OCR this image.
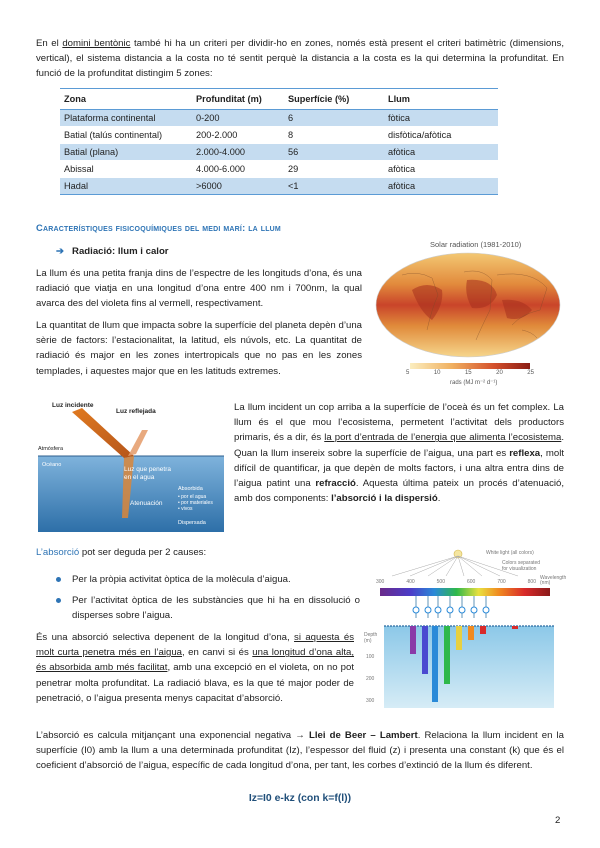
En el domini bentònic també hi ha un criteri per dividir-ho en zones, només està present el criteri batimètric (dimensions, vertical), el sistema distancia a la costa no té sentit perquè la distancia a la costa es la qui determina la profunditat. En funció de la profunditat distingim 5 zones:

Zona	Profunditat (m)	Superfície (%)	Llum
Plataforma continental	0-200	6	fòtica
Batial (talús continental)	200-2.000	8	disfòtica/afòtica
Batial (plana)	2.000-4.000	56	afòtica
Abissal	4.000-6.000	29	afòtica
Hadal	>6000	<1	afòtica
Característiques fisicoquímiques del medi marí: la llum
➔ Radiació: llum i calor

La llum és una petita franja dins de l’espectre de les longituds d’ona, és una radiació que viatja en una longitud d’ona entre 400 nm i 700nm, la qual avarca des del violeta fins al vermell, respectivament.

La quantitat de llum que impacta sobre la superfície del planeta depèn d’una sèrie de factors: l’estacionalitat, la latitud, els núvols, etc. La quantitat de radiació és major en les zones intertropicals que no pas en les zones templades, i aquestes major que en les latituds extremes.

Solar radiation (1981-2010)
5	10	15	20	25
rads (MJ m⁻² d⁻¹)
Luz incidente
Luz reflejada
Atmósfera
Océano
Luz que penetra
en el agua
Atenuación
Absorbida
• por el agua
• por materiales
• vivos
Dispersada

La llum incident un cop arriba a la superfície de l’oceà és un fet complex. La llum és el que mou l’ecosistema, permetent l’activitat dels productors primaris, és a dir, és la port d’entrada de l’energia que alimenta l’ecosistema. Quan la llum insereix sobre la superfície de l’aigua, una part es reflexa, molt difícil de quantificar, ja que depèn de molts factors, i una altra entra dins de l’aigua patint una refracció. Aquesta última pateix un procés d’atenuació, amb dos components: l’absorció i la dispersió.

L’absorció pot ser deguda per 2 causes:

Per la pròpia activitat òptica de la molècula d’aigua.

Per l’activitat òptica de les substàncies que hi ha en dissolució o disperses sobre l’aigua.

És una absorció selectiva depenent de la longitud d’ona, si aquesta és molt curta penetra més en l’aigua, en canvi si és una longitud d’ona alta, és absorbida amb més facilitat, amb una excepció en el violeta, on no pot penetrar molta profunditat. La radiació blava, es la que té major poder de penetració, o l’aigua presenta menys capacitat d’absorció.

White light (all colors)
Colors separated
for visualization
300	400	500	600	700	800
Wavelength
(nm)
Depth
(m)
100
200
300

L’absorció es calcula mitjançant una exponencial negativa → Llei de Beer – Lambert. Relaciona la llum incident en la superfície (I0) amb la llum a una determinada profunditat (Iz), l’espessor del fluid (z) i presenta una constant (k) que és el coeficient d’absorció de l’aigua, específic de cada longitud d’ona, per tant, les corbes d’extinció de la llum és diferent.

Iz=I0 e-kz (con k=f(l))
2
